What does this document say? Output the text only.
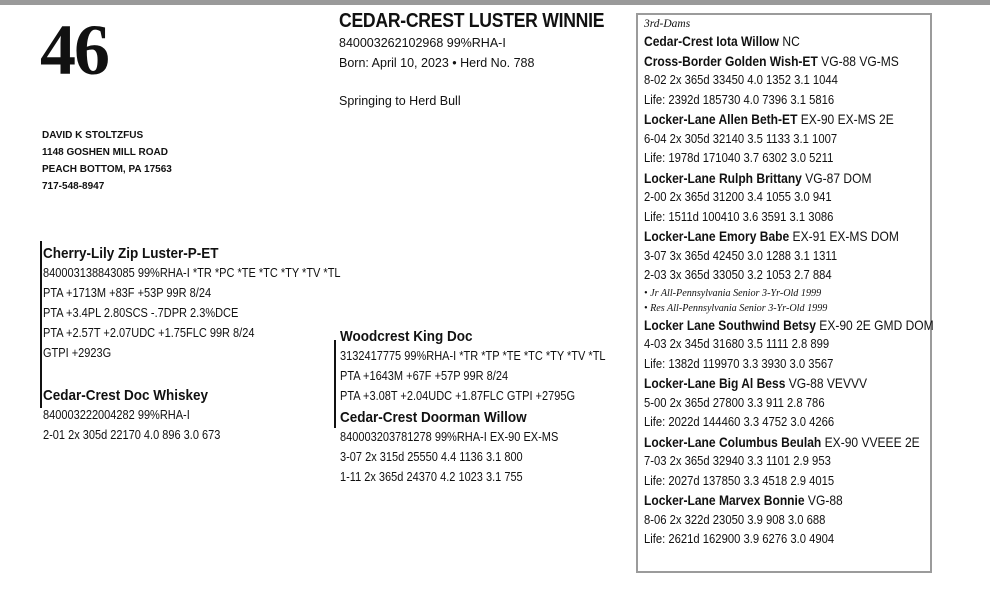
46
DAVID K STOLTZFUS
1148 GOSHEN MILL ROAD
PEACH BOTTOM, PA 17563
717-548-8947
CEDAR-CREST LUSTER WINNIE
840003262102968 99%RHA-I
Born: April 10, 2023 • Herd No. 788
Springing to Herd Bull
Cherry-Lily Zip Luster-P-ET
840003138843085 99%RHA-I *TR *PC *TE *TC *TY *TV *TL
PTA +1713M +83F +53P 99R 8/24
PTA +3.4PL 2.80SCS -.7DPR 2.3%DCE
PTA +2.57T +2.07UDC +1.75FLC 99R 8/24
GTPI +2923G
Cedar-Crest Doc Whiskey
840003222004282 99%RHA-I
2-01 2x 305d 22170 4.0 896 3.0 673
Woodcrest King Doc
3132417775 99%RHA-I *TR *TP *TE *TC *TY *TV *TL
PTA +1643M +67F +57P 99R 8/24
PTA +3.08T +2.04UDC +1.87FLC GTPI +2795G
Cedar-Crest Doorman Willow
840003203781278 99%RHA-I EX-90 EX-MS
3-07 2x 315d 25550 4.4 1136 3.1 800
1-11 2x 365d 24370 4.2 1023 3.1 755
3rd-Dams
Cedar-Crest Iota Willow NC
Cross-Border Golden Wish-ET VG-88 VG-MS
8-02 2x 365d 33450 4.0 1352 3.1 1044
Life: 2392d 185730 4.0 7396 3.1 5816
Locker-Lane Allen Beth-ET EX-90 EX-MS 2E
6-04 2x 305d 32140 3.5 1133 3.1 1007
Life: 1978d 171040 3.7 6302 3.0 5211
Locker-Lane Rulph Brittany VG-87 DOM
2-00 2x 365d 31200 3.4 1055 3.0 941
Life: 1511d 100410 3.6 3591 3.1 3086
Locker-Lane Emory Babe EX-91 EX-MS DOM
3-07 3x 365d 42450 3.0 1288 3.1 1311
2-03 3x 365d 33050 3.2 1053 2.7 884
• Jr All-Pennsylvania Senior 3-Yr-Old 1999
• Res All-Pennsylvania Senior 3-Yr-Old 1999
Locker Lane Southwind Betsy EX-90 2E GMD DOM
4-03 2x 345d 31680 3.5 1111 2.8 899
Life: 1382d 119970 3.3 3930 3.0 3567
Locker-Lane Big Al Bess VG-88 VEVVV
5-00 2x 365d 27800 3.3 911 2.8 786
Life: 2022d 144460 3.3 4752 3.0 4266
Locker-Lane Columbus Beulah EX-90 VVEEE 2E
7-03 2x 365d 32940 3.3 1101 2.9 953
Life: 2027d 137850 3.3 4518 2.9 4015
Locker-Lane Marvex Bonnie VG-88
8-06 2x 322d 23050 3.9 908 3.0 688
Life: 2621d 162900 3.9 6276 3.0 4904
